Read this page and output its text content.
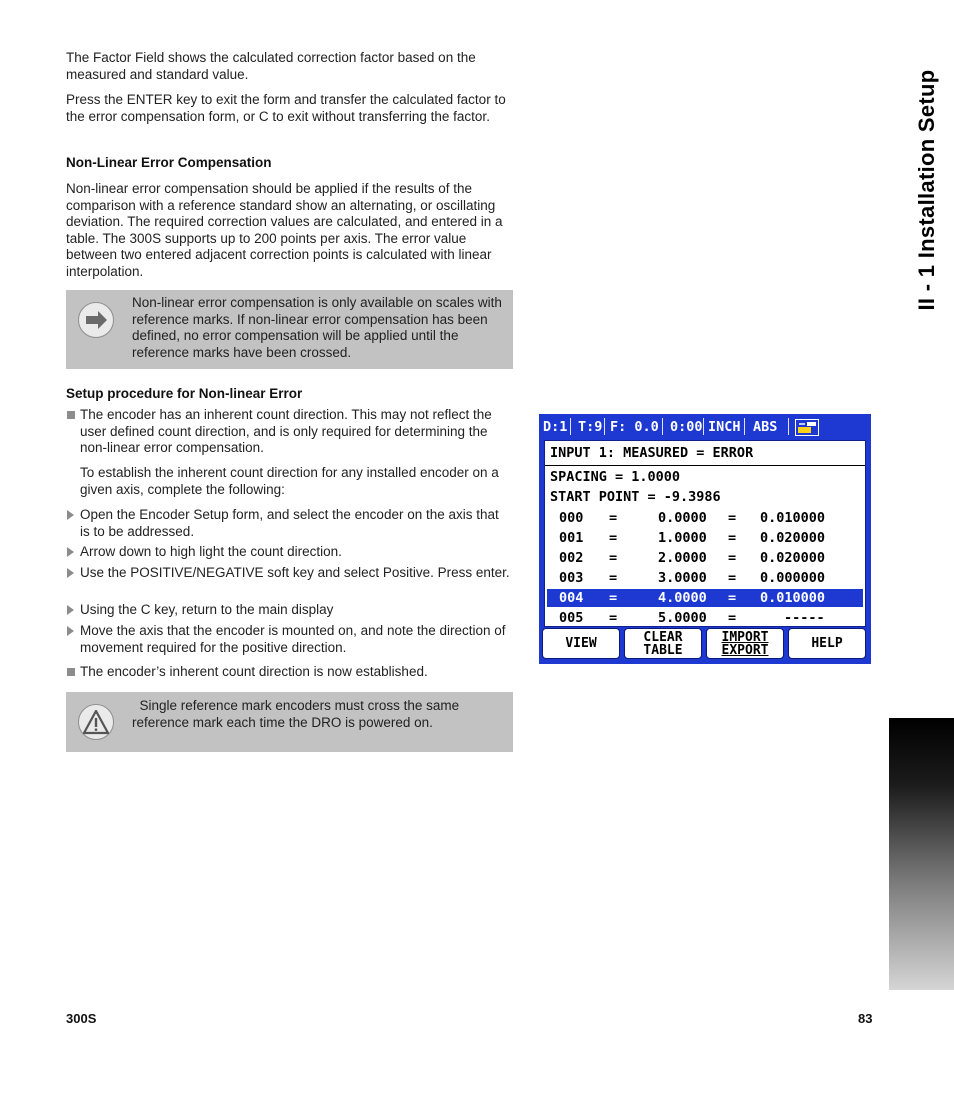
The Factor Field shows the calculated correction factor based on the measured and standard value.

Press the ENTER key to exit the form and transfer the calculated factor to the error compensation form, or C to exit without transferring the factor.

Non-Linear Error Compensation

Non-linear error compensation should be applied if the results of the comparison with a reference standard show an alternating, or oscillating deviation. The required correction values are calculated, and entered in a table. The 300S supports up to 200 points per axis. The error value between two entered adjacent correction points is calculated with linear interpolation.

Non-linear error compensation is only available on scales with reference marks. If non-linear error compensation has been defined, no error compensation will be applied until the reference marks have been crossed.
Setup procedure for Non-linear Error

The encoder has an inherent count direction. This may not reflect the user defined count direction, and is only required for determining the non-linear error compensation.

To establish the inherent count direction for any installed encoder on a given axis, complete the following:

Open the Encoder Setup form, and select the encoder on the axis that is to be addressed.

Arrow down to high light the count direction.

Use the POSITIVE/NEGATIVE soft key and select Positive. Press enter.

Using the C key, return to the main display

Move the axis that the encoder is mounted on, and note the direction of movement required for the positive direction.

The encoder’s inherent count direction is now established.

Single reference mark encoders must cross the same reference mark each time the DRO is powered on.
II - 1 Installation Setup
300S	83
D:1 T:9 F: 0.0 0:00 INCH ABS
INPUT 1: MEASURED = ERROR
SPACING = 1.0000
START POINT = -9.3986
000 =	0.0000 = 0.010000
001 =	1.0000 = 0.020000
002 =	2.0000 = 0.020000
003 =	3.0000 = 0.000000
004 =	4.0000 = 0.010000
005 =	5.0000 =	-----
VIEW	CLEAR
TABLE
IMPORT
EXPORT	HELP
